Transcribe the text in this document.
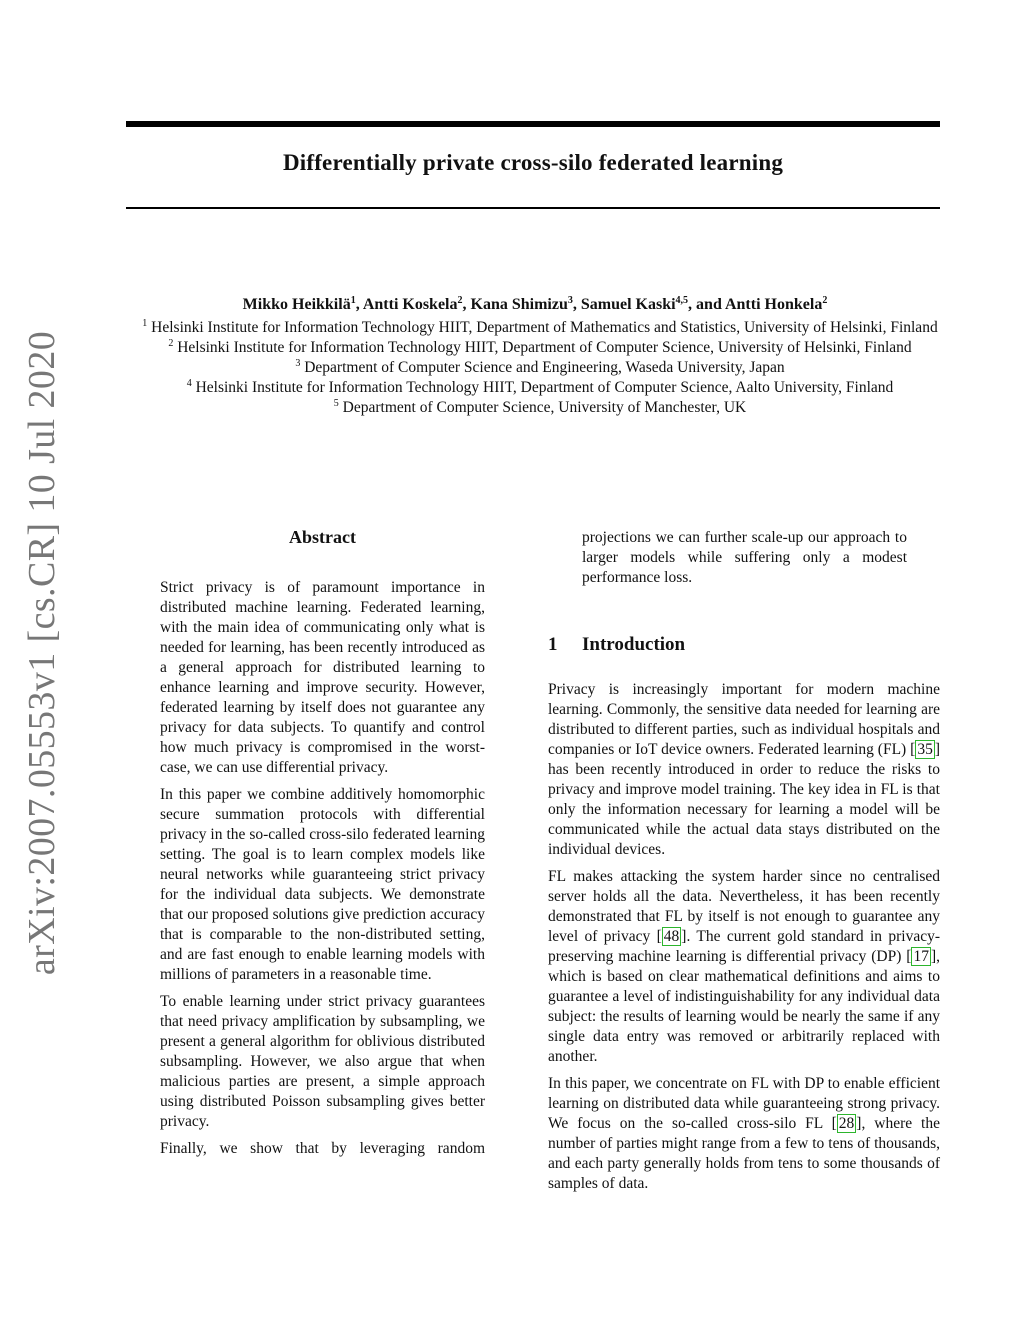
Differentially private cross-silo federated learning
Mikko Heikkilä$^1$, Antti Koskela$^2$, Kana Shimizu$^3$, Samuel Kaski$^{4,5}$, and Antti Honkela$^2$
$^1$ Helsinki Institute for Information Technology HIIT, Department of Mathematics and Statistics, University of Helsinki, Finland
$^2$ Helsinki Institute for Information Technology HIIT, Department of Computer Science, University of Helsinki, Finland
$^3$ Department of Computer Science and Engineering, Waseda University, Japan
$^4$ Helsinki Institute for Information Technology HIIT, Department of Computer Science, Aalto University, Finland
$^5$ Department of Computer Science, University of Manchester, UK
arXiv:2007.05553v1 [cs.CR] 10 Jul 2020	Abstract

Strict privacy is of paramount importance in distributed machine learning. Federated learning, with the main idea of communicating only what is needed for learning, has been recently introduced as a general approach for distributed learning to enhance learning and improve security. However, federated learning by itself does not guarantee any privacy for data subjects. To quantify and control how much privacy is compromised in the worst-case, we can use differential privacy.

In this paper we combine additively homomorphic secure summation protocols with differential privacy in the so-called cross-silo federated learning setting. The goal is to learn complex models like neural networks while guaranteeing strict privacy for the individual data subjects. We demonstrate that our proposed solutions give prediction accuracy that is comparable to the non-distributed setting, and are fast enough to enable learning models with millions of parameters in a reasonable time.

To enable learning under strict privacy guarantees that need privacy amplification by subsampling, we present a general algorithm for oblivious distributed subsampling. However, we also argue that when malicious parties are present, a simple approach using distributed Poisson subsampling gives better privacy.

Finally, we show that by leveraging random

projections we can further scale-up our approach to larger models while suffering only a modest performance loss.

1 Introduction

Privacy is increasingly important for modern machine learning. Commonly, the sensitive data needed for learning are distributed to different parties, such as individual hospitals and companies or IoT device owners. Federated learning (FL) [ 35 ] has been recently introduced in order to reduce the risks to privacy and improve model training. The key idea in FL is that only the information necessary for learning a model will be communicated while the actual data stays distributed on the individual devices.

FL makes attacking the system harder since no centralised server holds all the data. Nevertheless, it has been recently demonstrated that FL by itself is not enough to guarantee any level of privacy [ 48 ]. The current gold standard in privacy-preserving machine learning is differential privacy (DP) [ 17 ], which is based on clear mathematical definitions and aims to guarantee a level of indistinguishability for any individual data subject: the results of learning would be nearly the same if any single data entry was removed or arbitrarily replaced with another.

In this paper, we concentrate on FL with DP to enable efficient learning on distributed data while guaranteeing strong privacy. We focus on the so-called cross-silo FL [ 28 ], where the number of parties might range from a few to tens of thousands, and each party generally holds from tens to some thousands of samples of data.
